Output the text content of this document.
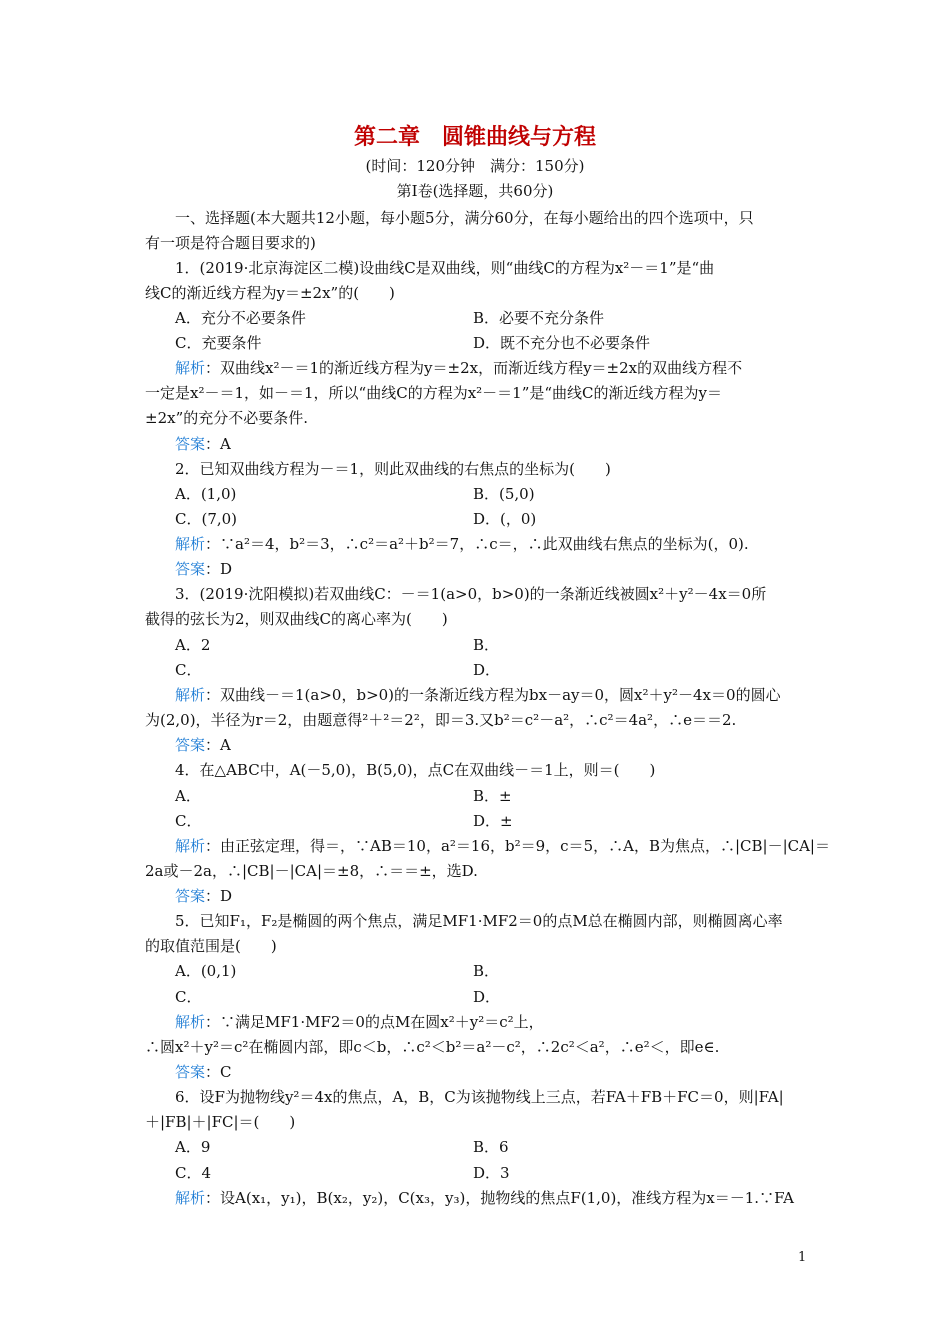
第二章　圆锥曲线与方程
(时间：120分钟　满分：150分)
第Ⅰ卷(选择题，共60分)
一、选择题(本大题共12小题，每小题5分，满分60分，在每小题给出的四个选项中，只
有一项是符合题目要求的)
1．(2019·北京海淀区二模)设曲线C是双曲线，则“曲线C的方程为x²－＝1”是“曲
线C的渐近线方程为y＝±2x”的(　　)
A．充分不必要条件	B．必要不充分条件
C．充要条件	D．既不充分也不必要条件
解析：双曲线x²－＝1的渐近线方程为y＝±2x，而渐近线方程y＝±2x的双曲线方程不
一定是x²－＝1，如－＝1，所以“曲线C的方程为x²－＝1”是“曲线C的渐近线方程为y＝
±2x”的充分不必要条件.
答案：A
2．已知双曲线方程为－＝1，则此双曲线的右焦点的坐标为(　　)
A．(1,0)	B．(5,0)
C．(7,0)	D．(，0)
解析：∵a²＝4，b²＝3，∴c²＝a²＋b²＝7，∴c＝，∴此双曲线右焦点的坐标为(，0).
答案：D
3．(2019·沈阳模拟)若双曲线C：－＝1(a>0，b>0)的一条渐近线被圆x²＋y²－4x＝0所
截得的弦长为2，则双曲线C的离心率为(　　)
A．2	B．
C．	D．
解析：双曲线－＝1(a>0，b>0)的一条渐近线方程为bx－ay＝0，圆x²＋y²－4x＝0的圆心
为(2,0)，半径为r＝2，由题意得²＋²＝2²，即＝3.又b²＝c²－a²，∴c²＝4a²，∴e＝＝2.
答案：A
4．在△ABC中，A(－5,0)，B(5,0)，点C在双曲线－＝1上，则＝(　　)
A．	B．±
C．	D．±
解析：由正弦定理，得＝，∵AB＝10，a²＝16，b²＝9，c＝5，∴A，B为焦点，∴|CB|－|CA|＝
2a或－2a，∴|CB|－|CA|＝±8，∴＝＝±，选D.
答案：D
5．已知F₁，F₂是椭圆的两个焦点，满足MF1·MF2＝0的点M总在椭圆内部，则椭圆离心率
的取值范围是(　　)
A．(0,1)	B．
C．	D．
解析：∵满足MF1·MF2＝0的点M在圆x²＋y²＝c²上，
∴圆x²＋y²＝c²在椭圆内部，即c＜b，∴c²＜b²＝a²－c²，∴2c²＜a²，∴e²＜，即e∈.
答案：C
6．设F为抛物线y²＝4x的焦点，A，B，C为该抛物线上三点，若FA＋FB＋FC＝0，则|FA|
＋|FB|＋|FC|＝(　　)
A．9	B．6
C．4	D．3
解析：设A(x₁，y₁)，B(x₂，y₂)，C(x₃，y₃)，抛物线的焦点F(1,0)，准线方程为x＝－1.∵FA
1
